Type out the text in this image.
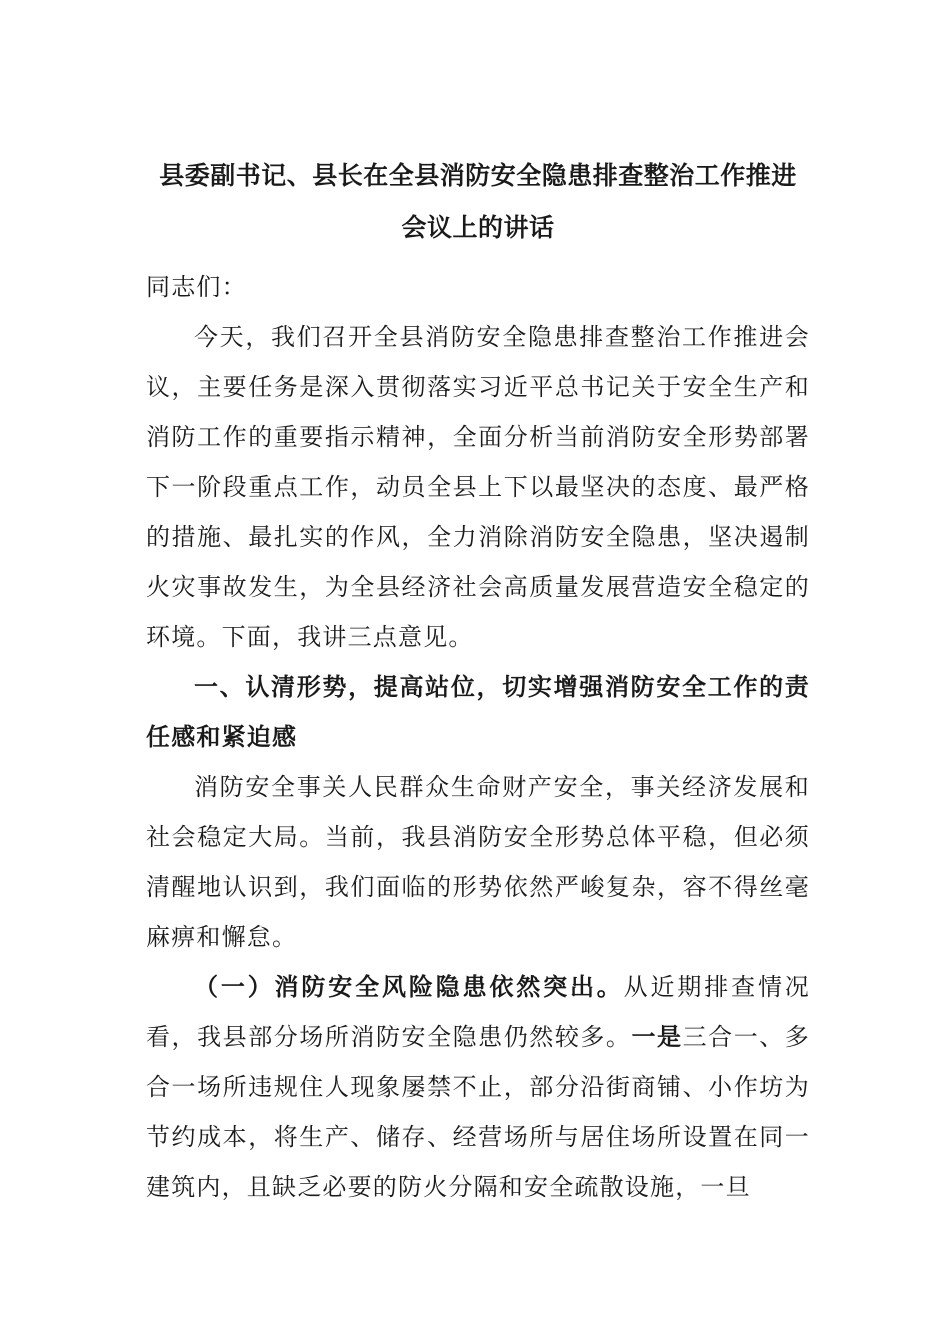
县委副书记、县长在全县消防安全隐患排查整治工作推进
会议上的讲话

同志们：

今天，我们召开全县消防安全隐患排查整治工作推进会议，主要任务是深入贯彻落实习近平总书记关于安全生产和消防工作的重要指示精神，全面分析当前消防安全形势部署下一阶段重点工作，动员全县上下以最坚决的态度、最严格的措施、最扎实的作风，全力消除消防安全隐患，坚决遏制火灾事故发生，为全县经济社会高质量发展营造安全稳定的环境。下面，我讲三点意见。

一、认清形势，提高站位，切实增强消防安全工作的责任感和紧迫感

消防安全事关人民群众生命财产安全，事关经济发展和社会稳定大局。当前，我县消防安全形势总体平稳，但必须清醒地认识到，我们面临的形势依然严峻复杂，容不得丝毫麻痹和懈怠。

（一）消防安全风险隐患依然突出。从近期排查情况看，我县部分场所消防安全隐患仍然较多。一是三合一、多合一场所违规住人现象屡禁不止，部分沿街商铺、小作坊为节约成本，将生产、储存、经营场所与居住场所设置在同一建筑内，且缺乏必要的防火分隔和安全疏散设施，一旦
